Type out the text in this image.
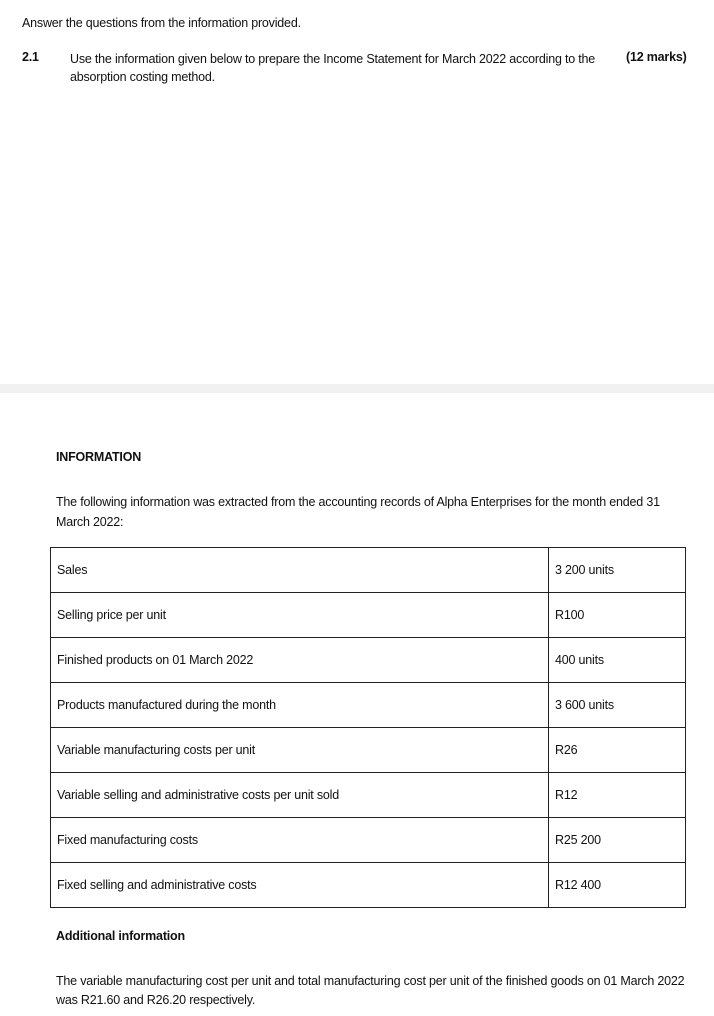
Answer the questions from the information provided.
2.1 Use the information given below to prepare the Income Statement for March 2022 according to the absorption costing method.
(12 marks)
INFORMATION
The following information was extracted from the accounting records of Alpha Enterprises for the month ended 31 March 2022:
Sales	3 200 units
Selling price per unit	R100
Finished products on 01 March 2022	400 units
Products manufactured during the month	3 600 units
Variable manufacturing costs per unit	R26
Variable selling and administrative costs per unit sold	R12
Fixed manufacturing costs	R25 200
Fixed selling and administrative costs	R12 400
Additional information
The variable manufacturing cost per unit and total manufacturing cost per unit of the finished goods on 01 March 2022 was R21.60 and R26.20 respectively.
